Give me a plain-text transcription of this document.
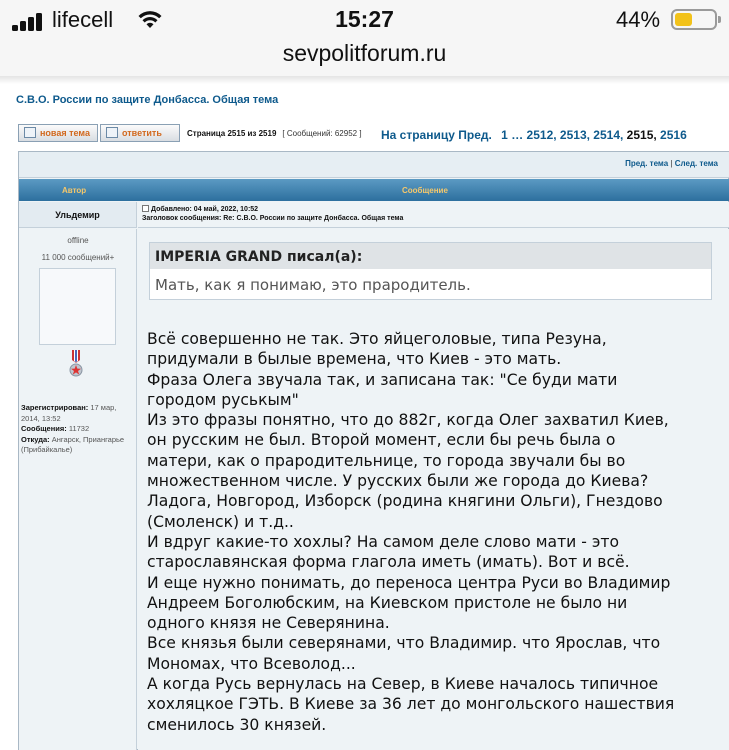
lifecell	15:27	44%
sevpolitforum.ru
С.В.О. России по защите Донбасса. Общая тема
новая тема	ответить	Страница 2515 из 2519 [ Сообщений: 62952 ] На страницу Пред. 1 … 2512, 2513, 2514, 2515, 2516
Пред. тема | След. тема
Автор	Сообщение
Ульдемир
Добавлено: 04 май, 2022, 10:52
Заголовок сообщения: Re: С.В.О. России по защите Донбасса. Общая тема
offline
11 000 сообщений+
Зарегистрирован: 17 мар, 2014, 13:52
Сообщения: 11732
Откуда: Ангарск, Приангарье (Прибайкалье)
IMPERIA GRAND писал(а):
Мать, как я понимаю, это прародитель.
Всё совершенно не так. Это яйцеголовые, типа Резуна,
придумали в былые времена, что Киев - это мать.
Фраза Олега звучала так, и записана так: "Се буди мати
городом руськым"
Из это фразы понятно, что до 882г, когда Олег захватил Киев,
он русским не был. Второй момент, если бы речь была о
матери, как о прародительнице, то города звучали бы во
множественном числе. У русских были же города до Киева?
Ладога, Новгород, Изборск (родина княгини Ольги), Гнездово
(Смоленск) и т.д..
И вдруг какие-то хохлы? На самом деле слово мати - это
старославянская форма глагола иметь (имать). Вот и всё.
И еще нужно понимать, до переноса центра Руси во Владимир
Андреем Боголюбским, на Киевском пристоле не было ни
одного князя не Северянина.
Все князья были северянами, что Владимир. что Ярослав, что
Мономах, что Всеволод...
А когда Русь вернулась на Север, в Киеве началось типичное
хохляцкое ГЭТЬ. В Киеве за 36 лет до монгольского нашествия
сменилось 30 князей.
